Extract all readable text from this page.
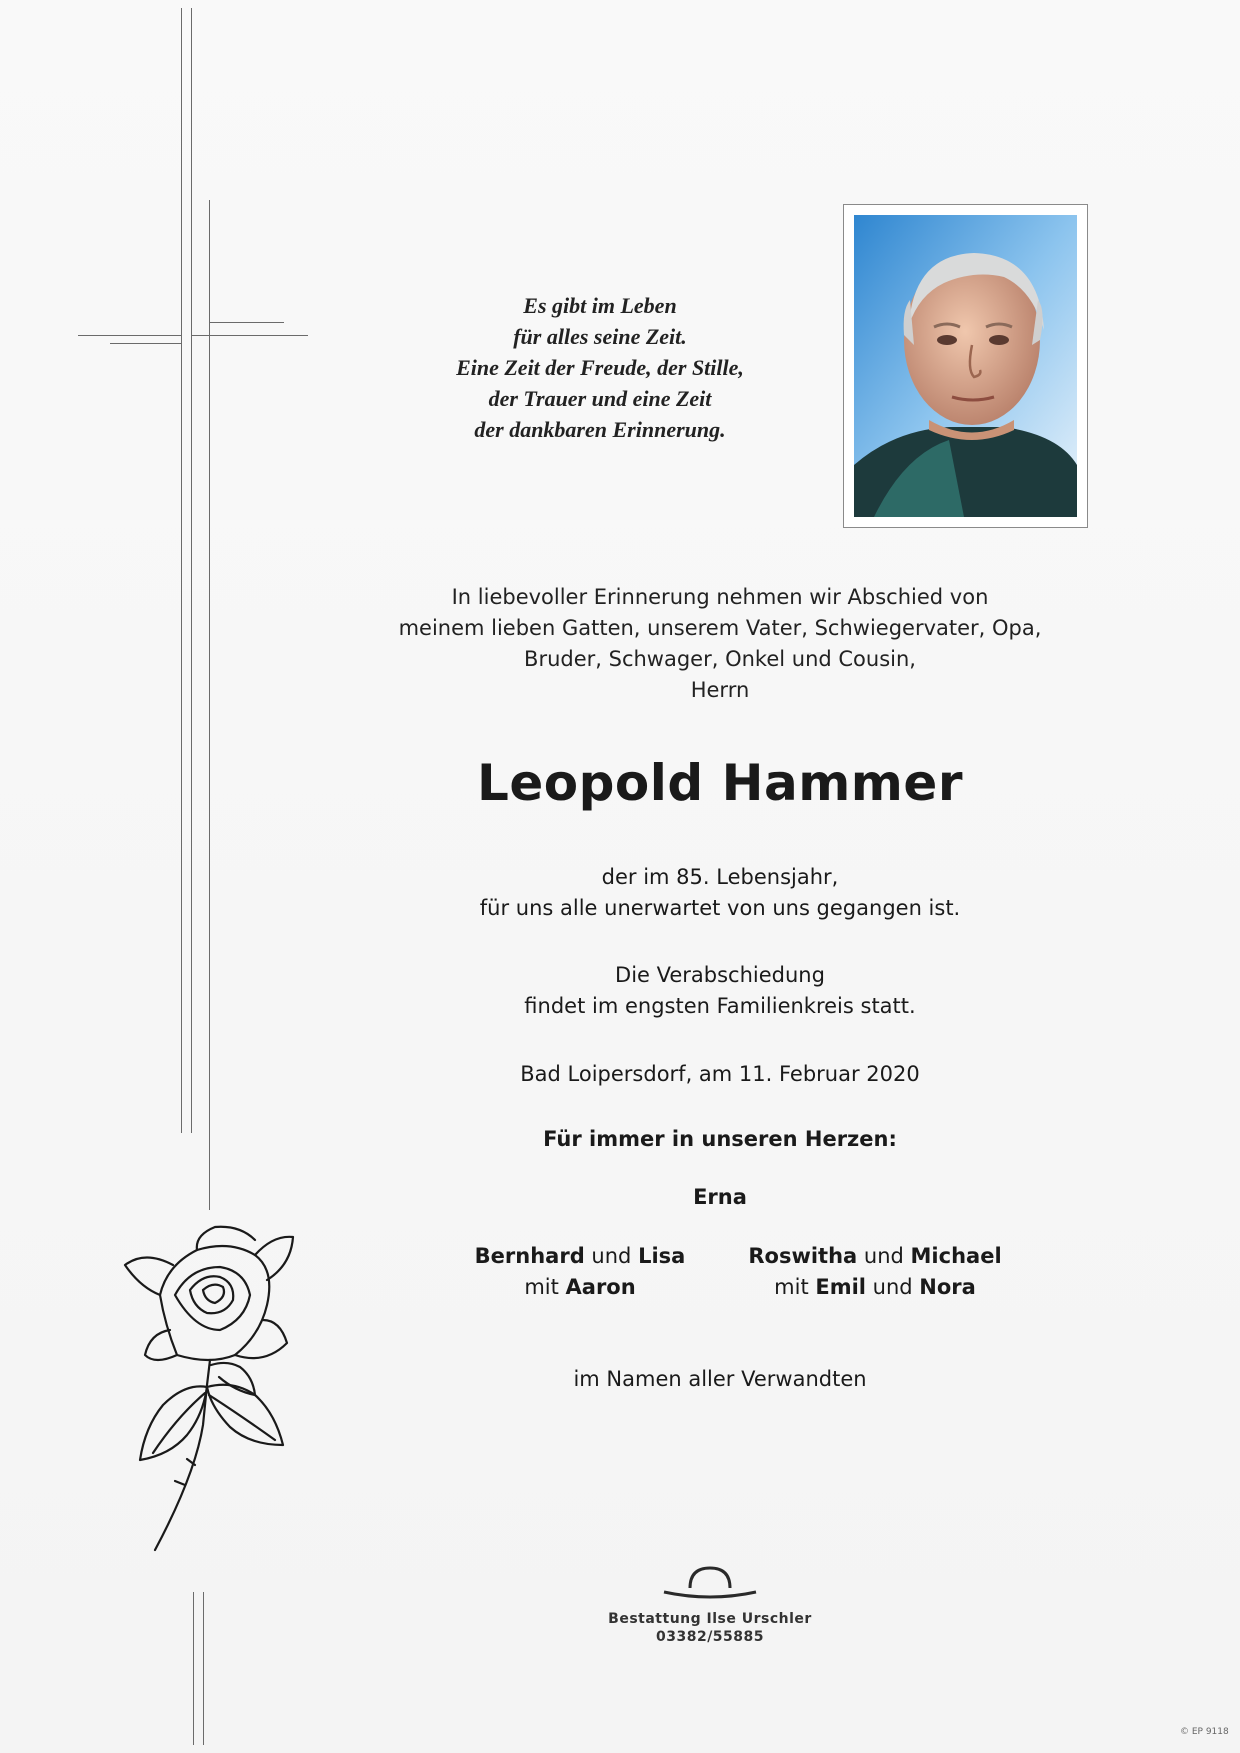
Es gibt im Leben
für alles seine Zeit.
Eine Zeit der Freude, der Stille,
der Trauer und eine Zeit
der dankbaren Erinnerung.
In liebevoller Erinnerung nehmen wir Abschied von
meinem lieben Gatten, unserem Vater, Schwiegervater, Opa,
Bruder, Schwager, Onkel und Cousin,
Herrn
Leopold Hammer
der im 85. Lebensjahr,
für uns alle unerwartet von uns gegangen ist.
Die Verabschiedung
findet im engsten Familienkreis statt.
Bad Loipersdorf, am 11. Februar 2020
Für immer in unseren Herzen:
Erna
Bernhard und Lisa
mit Aaron
Roswitha und Michael
mit Emil und Nora
im Namen aller Verwandten
Bestattung Ilse Urschler
03382/55885
© EP 9118
